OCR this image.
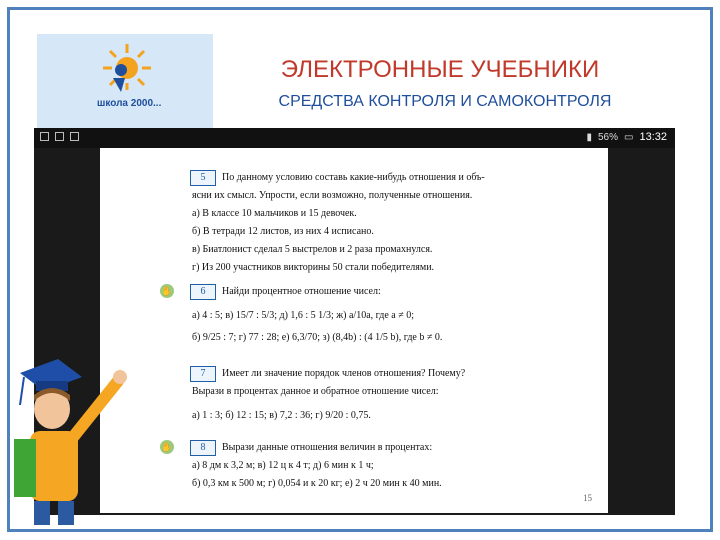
школа 2000...
ЭЛЕКТРОННЫЕ УЧЕБНИКИ
СРЕДСТВА КОНТРОЛЯ И САМОКОНТРОЛЯ
▮ 56% ▭ 13:32
5	По данному условию составь какие-нибудь отношения и объ-
ясни их смысл. Упрости, если возможно, полученные отношения.
а) В классе 10 мальчиков и 15 девочек.
б) В тетради 12 листов, из них 4 исписано.
в) Биатлонист сделал 5 выстрелов и 2 раза промахнулся.
г) Из 200 участников викторины 50 стали победителями.
✋	6	Найди процентное отношение чисел:
а) 4 : 5; в) 15/7 : 5/3; д) 1,6 : 5 1/3; ж) a/10a, где a ≠ 0;
б) 9/25 : 7; г) 77 : 28; е) 6,3/70; з) (8,4b) : (4 1/5 b), где b ≠ 0.
7	Имеет ли значение порядок членов отношения? Почему?
Вырази в процентах данное и обратное отношение чисел:
а) 1 : 3; б) 12 : 15; в) 7,2 : 36; г) 9/20 : 0,75.
✋	8	Вырази данные отношения величин в процентах:
а) 8 дм к 3,2 м; в) 12 ц к 4 т; д) 6 мин к 1 ч;
б) 0,3 км к 500 м; г) 0,054 и к 20 кг; е) 2 ч 20 мин к 40 мин.
15
